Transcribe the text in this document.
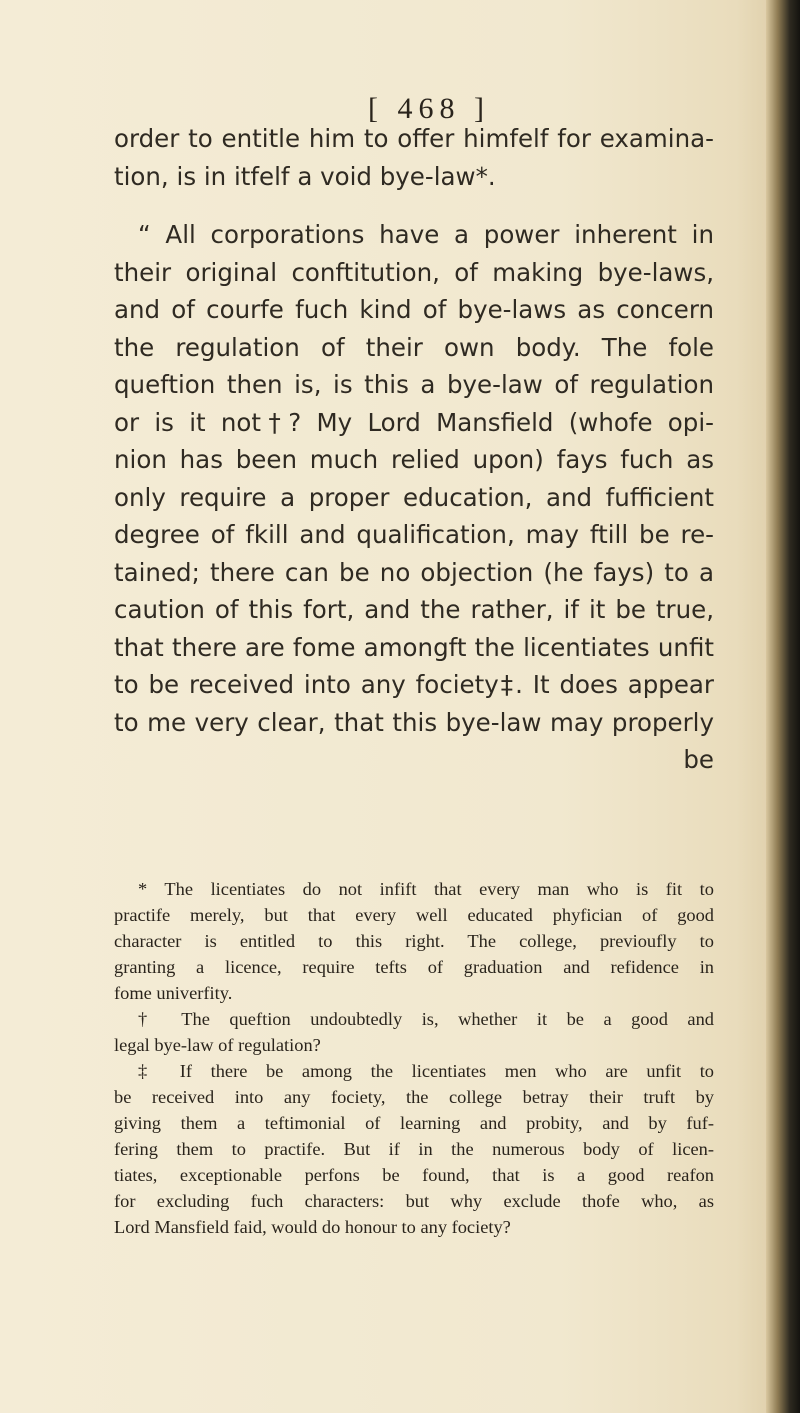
[ 468 ]
order to entitle him to offer himfelf for examina-
tion, is in itfelf a void bye-law*.
“ All corporations have a power inherent in
their original conftitution, of making bye-laws,
and of courfe fuch kind of bye-laws as concern
the regulation of their own body. The fole
queftion then is, is this a bye-law of regulation
or is it not†? My Lord Mansfield (whofe opi-
nion has been much relied upon) fays fuch as
only require a proper education, and fufficient
degree of fkill and qualification, may ftill be re-
tained; there can be no objection (he fays) to a
caution of this fort, and the rather, if it be true,
that there are fome amongft the licentiates unfit
to be received into any fociety‡. It does appear
to me very clear, that this bye-law may properly
be
* The licentiates do not infift that every man who is fit to
practife merely, but that every well educated phyfician of good
character is entitled to this right. The college, previoufly to
granting a licence, require tefts of graduation and refidence in
fome univerfity.
† The queftion undoubtedly is, whether it be a good and
legal bye-law of regulation?
‡ If there be among the licentiates men who are unfit to
be received into any fociety, the college betray their truft by
giving them a teftimonial of learning and probity, and by fuf-
fering them to practife. But if in the numerous body of licen-
tiates, exceptionable perfons be found, that is a good reafon
for excluding fuch characters: but why exclude thofe who, as
Lord Mansfield faid, would do honour to any fociety?
